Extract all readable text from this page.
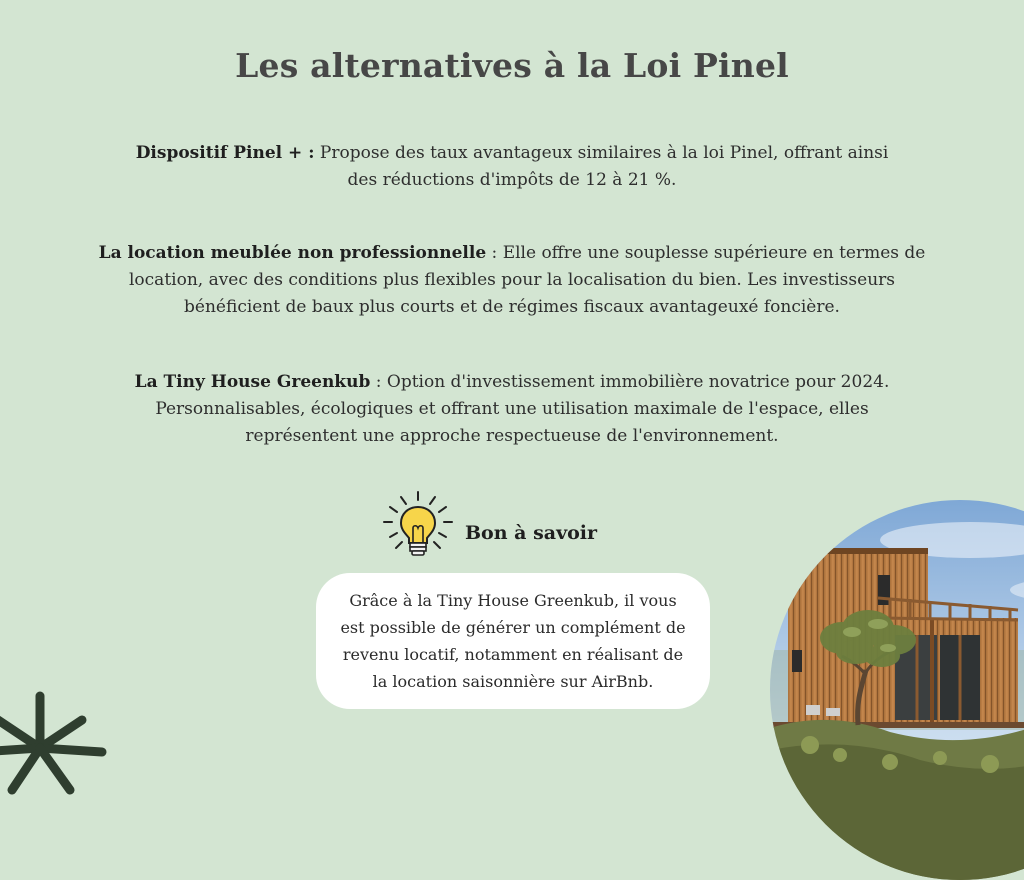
Les alternatives à la Loi Pinel

Dispositif Pinel + : Propose des taux avantageux similaires à la loi Pinel, offrant ainsi
des réductions d'impôts de 12 à 21 %.

La location meublée non professionnelle : Elle offre une souplesse supérieure en termes de
location, avec des conditions plus flexibles pour la localisation du bien. Les investisseurs
bénéficient de baux plus courts et de régimes fiscaux avantageuxé foncière.

La Tiny House Greenkub : Option d'investissement immobilière novatrice pour 2024.
Personnalisables, écologiques et offrant une utilisation maximale de l'espace, elles
représentent une approche respectueuse de l'environnement.

Bon à savoir
Grâce à la Tiny House Greenkub, il vous
est possible de générer un complément de
revenu locatif, notamment en réalisant de
la location saisonnière sur AirBnb.
